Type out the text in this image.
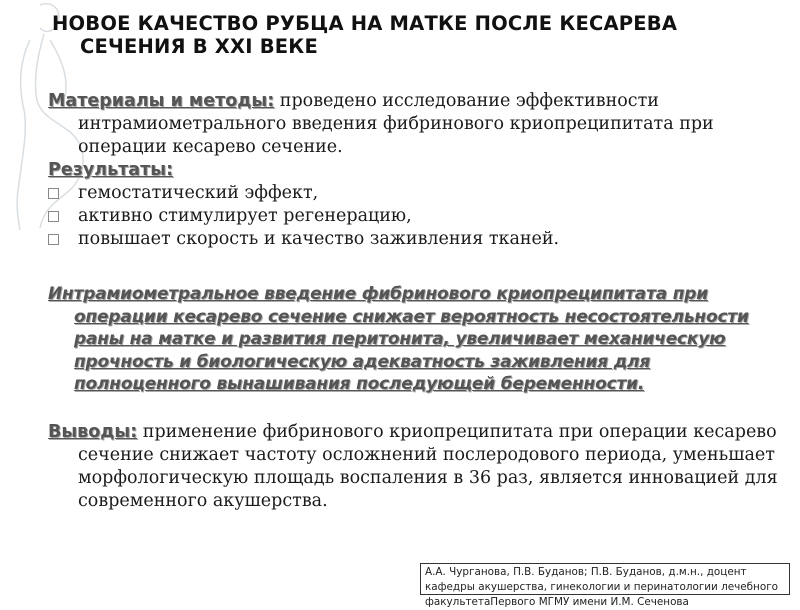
НОВОЕ КАЧЕСТВО РУБЦА НА МАТКЕ ПОСЛЕ КЕСАРЕВА
СЕЧЕНИЯ В XXI ВЕКЕ

Материалы и методы: проведено исследование эффективности интрамиометрального введения фибринового криопреципитата при операции кесарево сечение.

Результаты:

гемостатический эффект,
активно стимулирует регенерацию,
повышает скорость и качество заживления тканей.

Интрамиометральное введение фибринового криопреципитата при
операции кесарево сечение снижает вероятность несостоятельности раны на матке и развития перитонита, увеличивает механическую прочность и биологическую адекватность заживления для полноценного вынашивания последующей беременности.

Выводы: применение фибринового криопреципитата при операции кесарево сечение снижает частоту осложнений послеродового периода, уменьшает морфологическую площадь воспаления в 36 раз, является инновацией для современного акушерства.

А.А. Чурганова, П.В. Буданов; П.В. Буданов, д.м.н., доцент кафедры акушерства, гинекологии и перинатологии лечебного факультетаПервого МГМУ имени И.М. Сеченова
